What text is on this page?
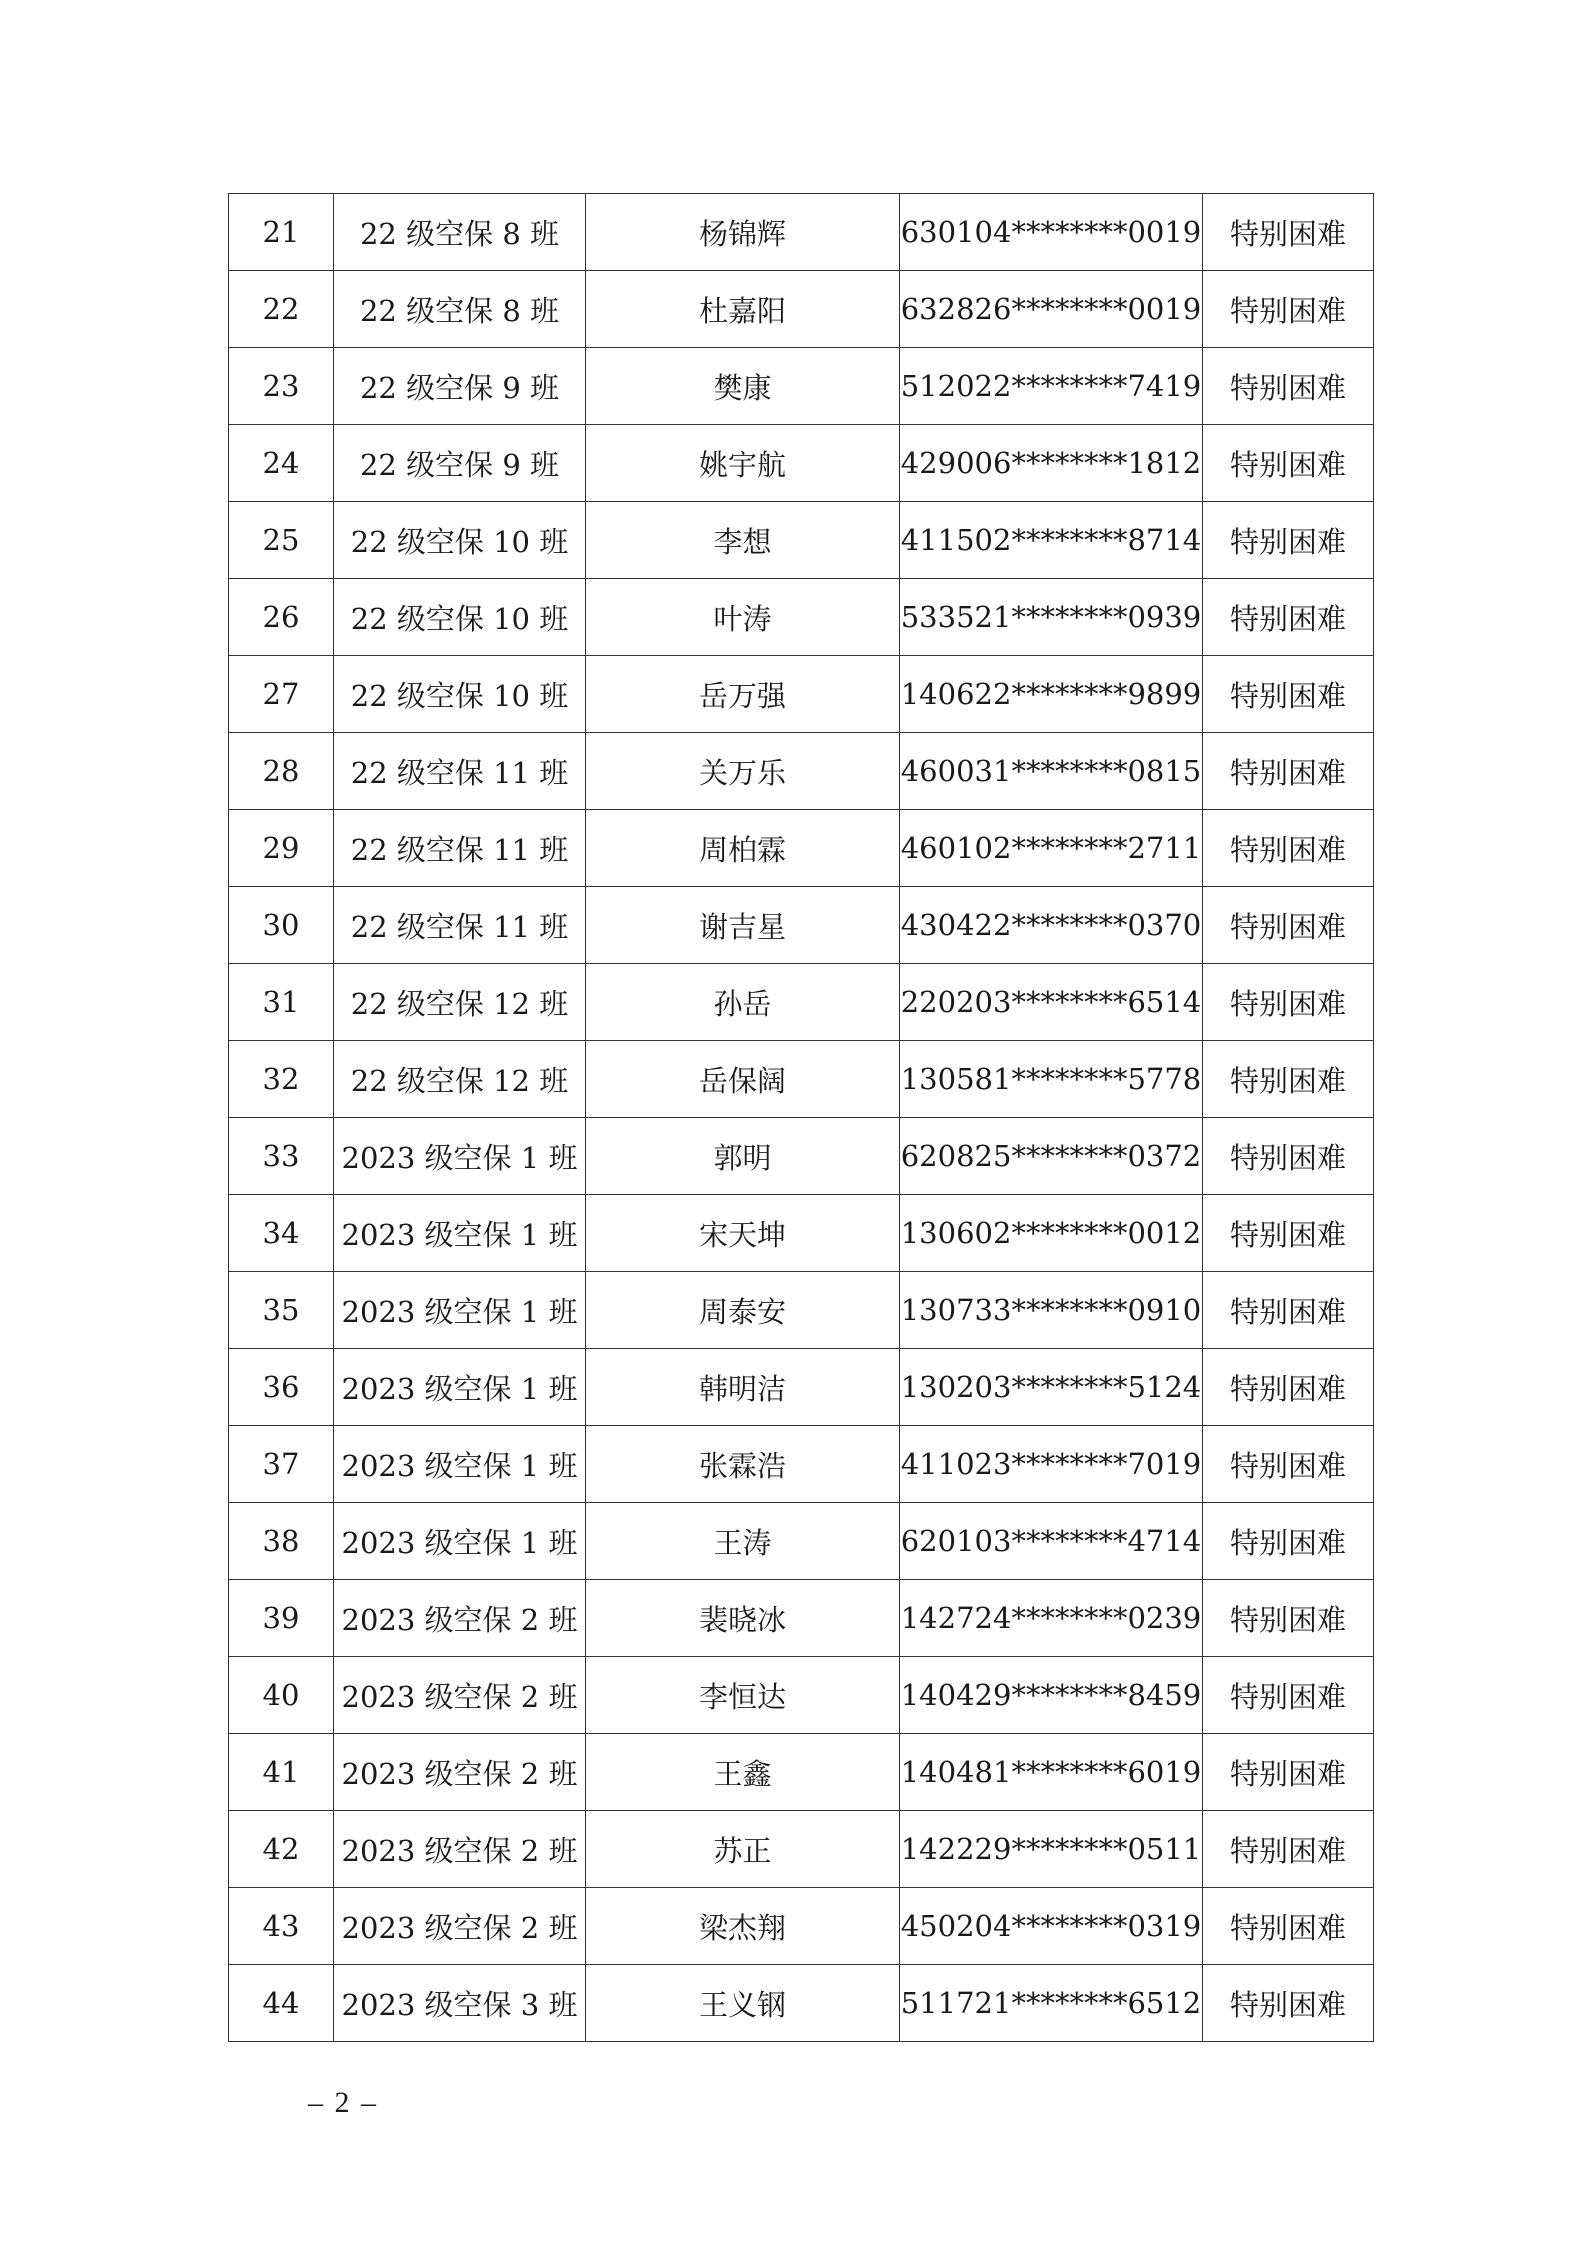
21	22 级空保 8 班	杨锦辉	630104********0019	特别困难
22	22 级空保 8 班	杜嘉阳	632826********0019	特别困难
23	22 级空保 9 班	樊康	512022********7419	特别困难
24	22 级空保 9 班	姚宇航	429006********1812	特别困难
25	22 级空保 10 班	李想	411502********8714	特别困难
26	22 级空保 10 班	叶涛	533521********0939	特别困难
27	22 级空保 10 班	岳万强	140622********9899	特别困难
28	22 级空保 11 班	关万乐	460031********0815	特别困难
29	22 级空保 11 班	周柏霖	460102********2711	特别困难
30	22 级空保 11 班	谢吉星	430422********0370	特别困难
31	22 级空保 12 班	孙岳	220203********6514	特别困难
32	22 级空保 12 班	岳保阔	130581********5778	特别困难
33	2023 级空保 1 班	郭明	620825********0372	特别困难
34	2023 级空保 1 班	宋天坤	130602********0012	特别困难
35	2023 级空保 1 班	周泰安	130733********0910	特别困难
36	2023 级空保 1 班	韩明洁	130203********5124	特别困难
37	2023 级空保 1 班	张霖浩	411023********7019	特别困难
38	2023 级空保 1 班	王涛	620103********4714	特别困难
39	2023 级空保 2 班	裴晓冰	142724********0239	特别困难
40	2023 级空保 2 班	李恒达	140429********8459	特别困难
41	2023 级空保 2 班	王鑫	140481********6019	特别困难
42	2023 级空保 2 班	苏正	142229********0511	特别困难
43	2023 级空保 2 班	梁杰翔	450204********0319	特别困难
44	2023 级空保 3 班	王义钢	511721********6512	特别困难
– 2 –
